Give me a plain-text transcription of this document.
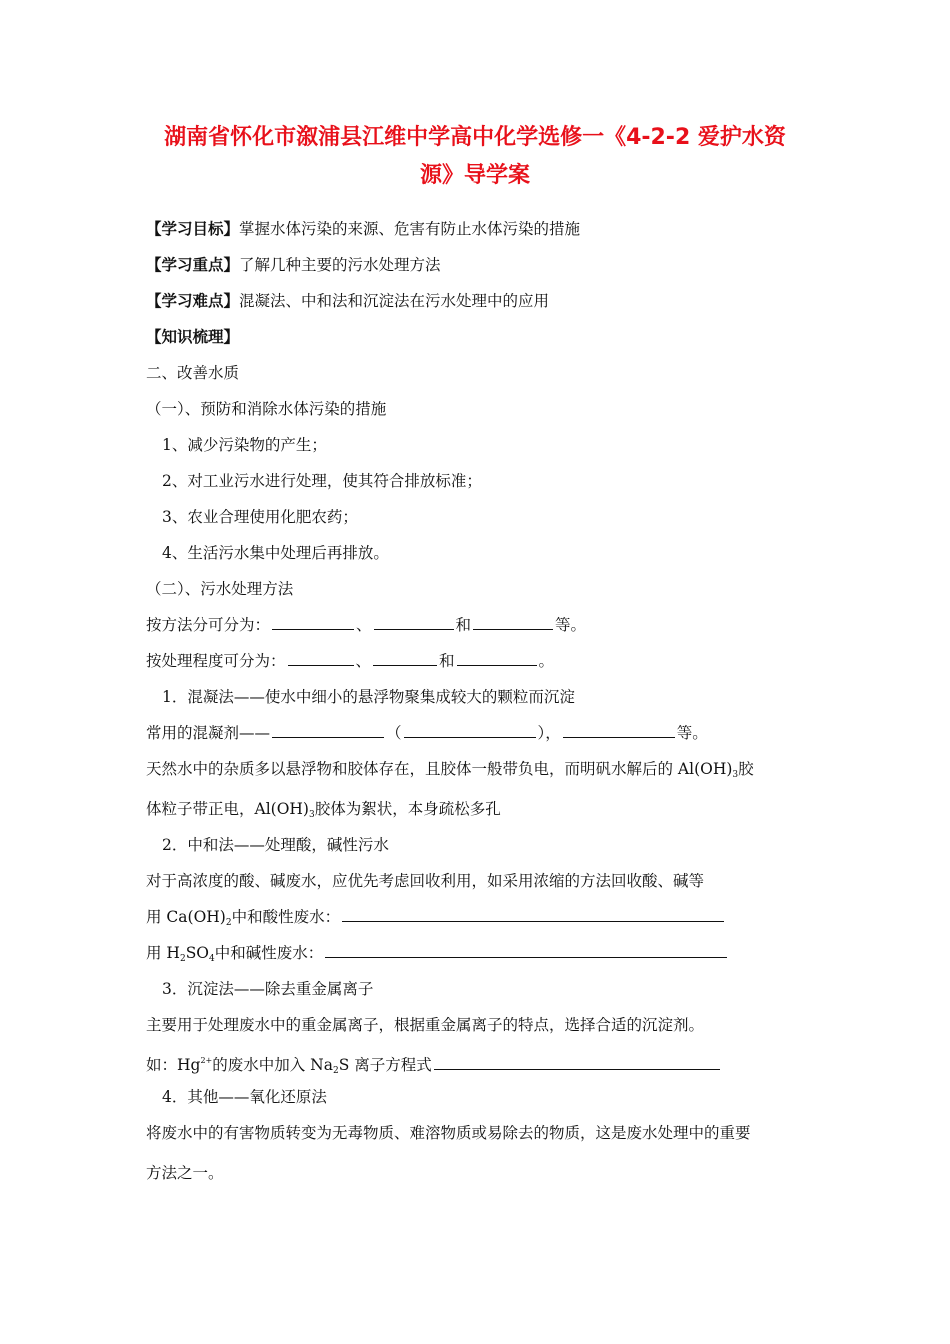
湖南省怀化市溆浦县江维中学高中化学选修一《4-2-2 爱护水资
源》导学案
【学习目标】掌握水体污染的来源、危害有防止水体污染的措施
【学习重点】了解几种主要的污水处理方法
【学习难点】混凝法、中和法和沉淀法在污水处理中的应用
【知识梳理】
二、改善水质
（一）、预防和消除水体污染的措施
1、减少污染物的产生；
2、对工业污水进行处理，使其符合排放标准；
3、农业合理使用化肥农药；
4、生活污水集中处理后再排放。
（二）、污水处理方法
按方法分可分为：	、	和	等。
按处理程度可分为：	、	和	。
1．混凝法——使水中细小的悬浮物聚集成较大的颗粒而沉淀
常用的混凝剂——	（	），	等。
天然水中的杂质多以悬浮物和胶体存在，且胶体一般带负电，而明矾水解后的 Al(OH)3胶
体粒子带正电，Al(OH)3胶体为絮状，本身疏松多孔
2．中和法——处理酸，碱性污水
对于高浓度的酸、碱废水，应优先考虑回收利用，如采用浓缩的方法回收酸、碱等
用 Ca(OH)2中和酸性废水：
用 H2SO4中和碱性废水：
3．沉淀法——除去重金属离子
主要用于处理废水中的重金属离子，根据重金属离子的特点，选择合适的沉淀剂。
如：$Hg^{2+}$的废水中加入 Na2S 离子方程式
4．其他——氧化还原法
将废水中的有害物质转变为无毒物质、难溶物质或易除去的物质，这是废水处理中的重要
方法之一。
